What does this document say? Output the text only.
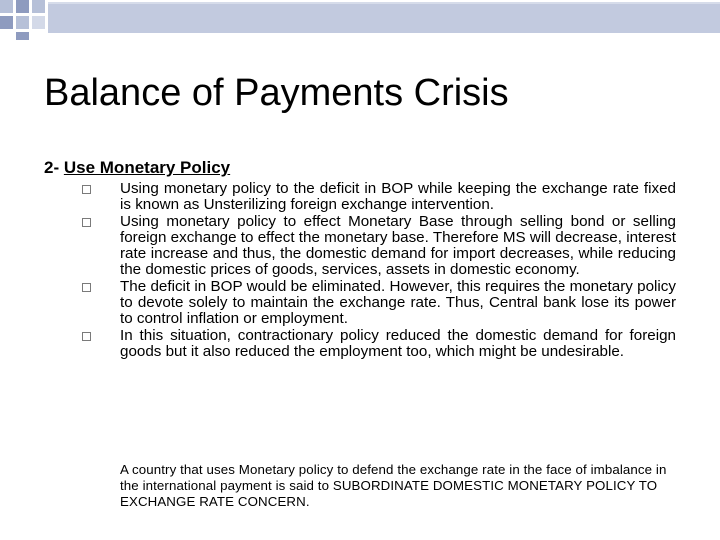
Balance of Payments Crisis
2- Use Monetary Policy
Using monetary policy to the deficit in BOP while keeping the exchange rate fixed is known as Unsterilizing foreign exchange intervention.
Using monetary policy to effect Monetary Base through selling bond or selling foreign exchange to effect the monetary base. Therefore MS will decrease, interest rate increase and thus, the domestic demand for import decreases, while reducing the domestic prices of goods, services, assets in domestic economy.
The deficit in BOP would be eliminated. However, this requires the monetary policy to devote solely to maintain the exchange rate. Thus, Central bank lose its power to control inflation or employment.
In this situation, contractionary policy reduced the domestic demand for foreign goods but it also reduced the employment too, which might be undesirable.
A country that uses Monetary policy to defend the exchange rate in the face of imbalance in the international payment is said to SUBORDINATE DOMESTIC MONETARY POLICY TO EXCHANGE RATE CONCERN.
